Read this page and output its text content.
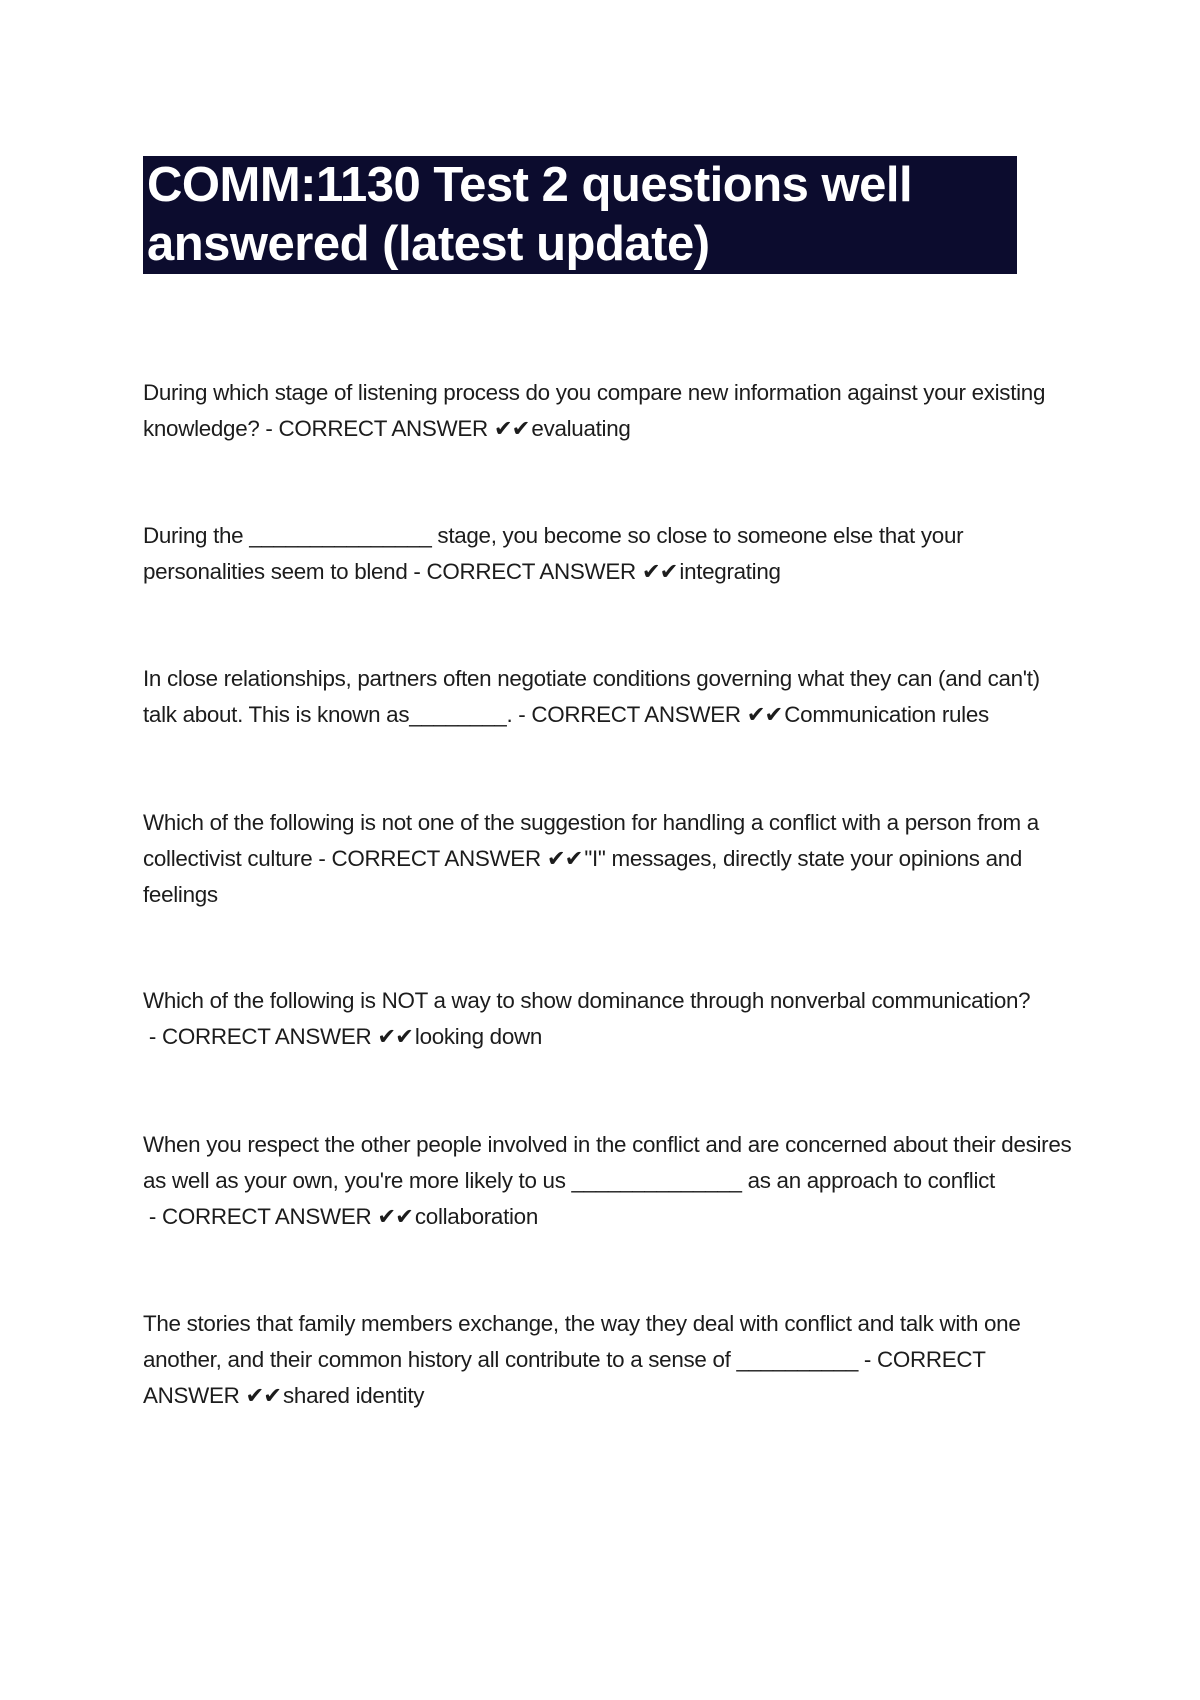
COMM:1130 Test 2 questions well answered (latest update)

During which stage of listening process do you compare new information against your existing knowledge? - CORRECT ANSWER ✔✔evaluating

During the _______________ stage, you become so close to someone else that your personalities seem to blend - CORRECT ANSWER ✔✔integrating

In close relationships, partners often negotiate conditions governing what they can (and can't) talk about. This is known as________. - CORRECT ANSWER ✔✔Communication rules

Which of the following is not one of the suggestion for handling a conflict with a person from a collectivist culture - CORRECT ANSWER ✔✔"I" messages, directly state your opinions and feelings

Which of the following is NOT a way to show dominance through nonverbal communication? - CORRECT ANSWER ✔✔looking down

When you respect the other people involved in the conflict and are concerned about their desires as well as your own, you're more likely to us ______________ as an approach to conflict - CORRECT ANSWER ✔✔collaboration

The stories that family members exchange, the way they deal with conflict and talk with one another, and their common history all contribute to a sense of __________ - CORRECT ANSWER ✔✔shared identity
